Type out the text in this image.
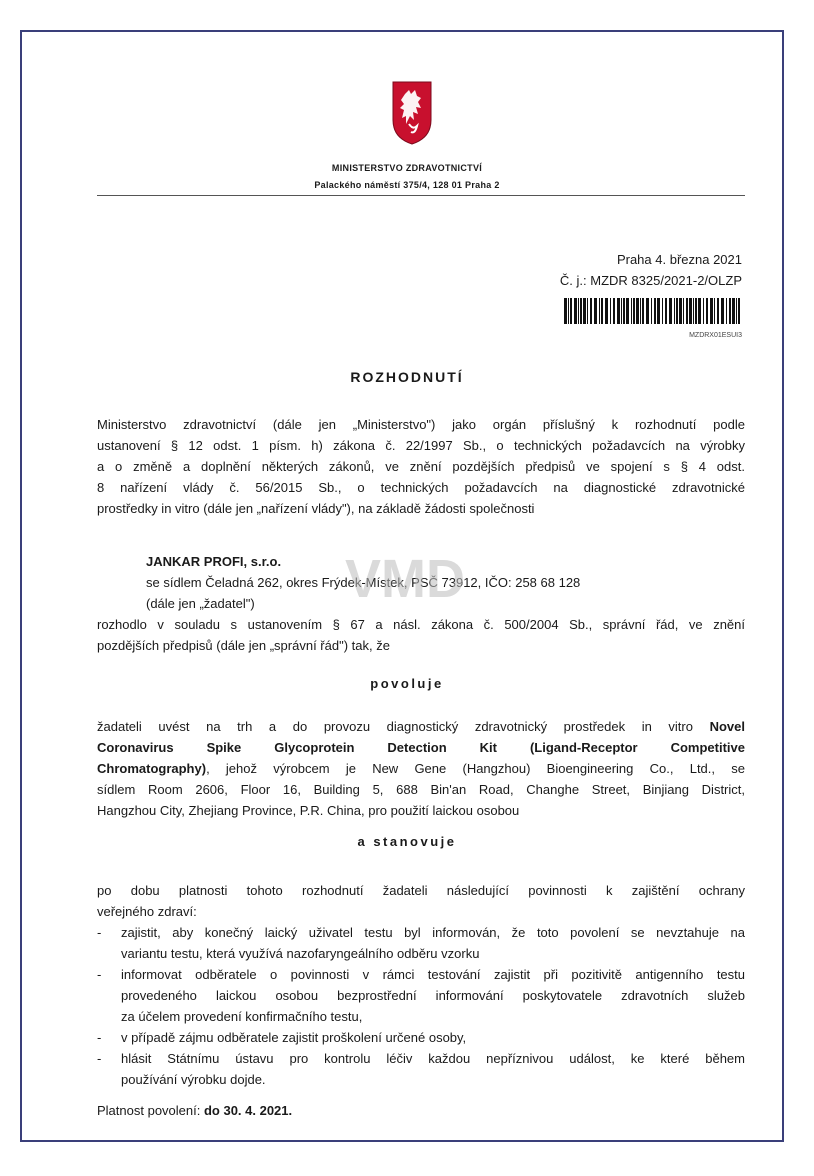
MINISTERSTVO ZDRAVOTNICTVÍ
Palackého náměstí 375/4, 128 01 Praha 2
Praha 4. března 2021
Č. j.: MZDR 8325/2021-2/OLZP
MZDRX01ESUI3
ROZHODNUTÍ
Ministerstvo zdravotnictví (dále jen „Ministerstvo") jako orgán příslušný k rozhodnutí podle
ustanovení § 12 odst. 1 písm. h) zákona č. 22/1997 Sb., o technických požadavcích na výrobky
a o změně a doplnění některých zákonů, ve znění pozdějších předpisů ve spojení s § 4 odst.
8 nařízení vlády č. 56/2015 Sb., o technických požadavcích na diagnostické zdravotnické
prostředky in vitro (dále jen „nařízení vlády"), na základě žádosti společnosti
JANKAR PROFI, s.r.o.
se sídlem Čeladná 262, okres Frýdek-Místek, PSČ 73912, IČO: 258 68 128
(dále jen „žadatel")
rozhodlo v souladu s ustanovením § 67 a násl. zákona č. 500/2004 Sb., správní řád, ve znění
pozdějších předpisů (dále jen „správní řád") tak, že
VMD
povoluje
žadateli uvést na trh a do provozu diagnostický zdravotnický prostředek in vitro Novel
Coronavirus Spike Glycoprotein Detection Kit (Ligand-Receptor Competitive
Chromatography), jehož výrobcem je New Gene (Hangzhou) Bioengineering Co., Ltd., se
sídlem Room 2606, Floor 16, Building 5, 688 Bin'an Road, Changhe Street, Binjiang District,
Hangzhou City, Zhejiang Province, P.R. China, pro použití laickou osobou
a stanovuje
po dobu platnosti tohoto rozhodnutí žadateli následující povinnosti k zajištění ochrany
veřejného zdraví:
-	zajistit, aby konečný laický uživatel testu byl informován, že toto povolení se nevztahuje na
variantu testu, která využívá nazofaryngeálního odběru vzorku
-	informovat odběratele o povinnosti v rámci testování zajistit při pozitivitě antigenního testu
provedeného laickou osobou bezprostřední informování poskytovatele zdravotních služeb
za účelem provedení konfirmačního testu,
-	v případě zájmu odběratele zajistit proškolení určené osoby,
-	hlásit Státnímu ústavu pro kontrolu léčiv každou nepříznivou událost, ke které během
používání výrobku dojde.
Platnost povolení: do 30. 4. 2021.
